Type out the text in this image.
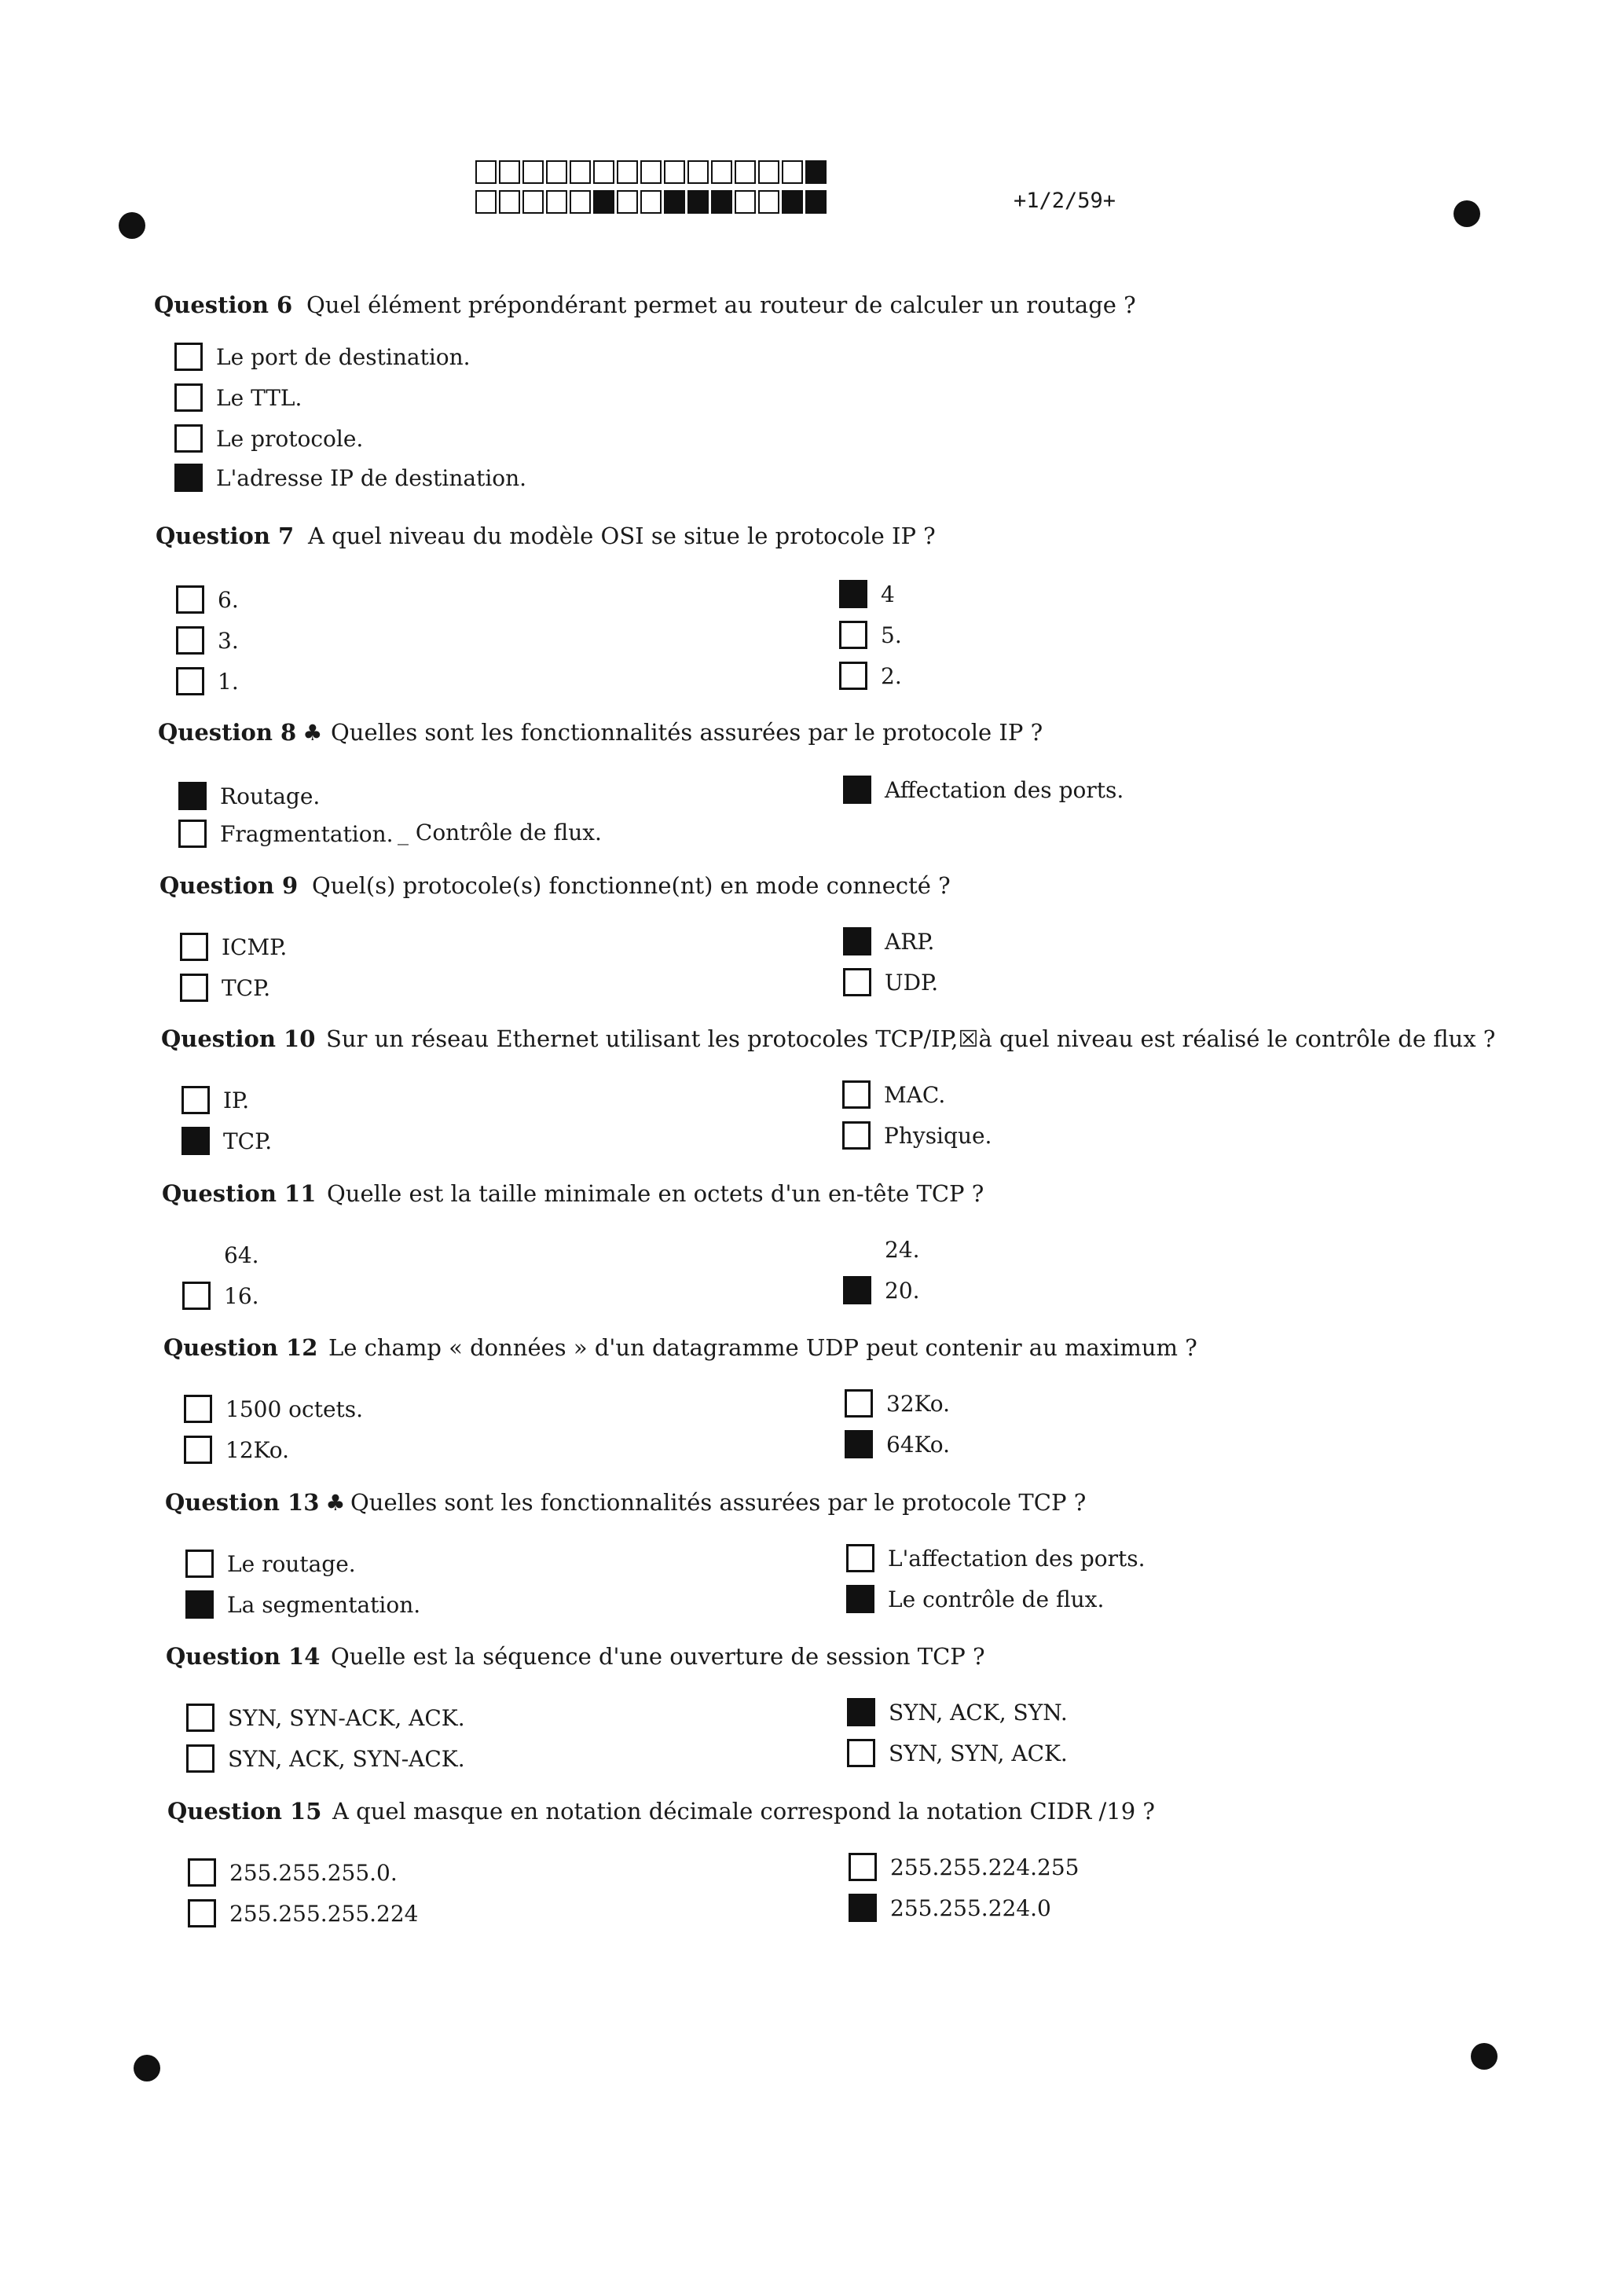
+1/2/59+
Question 6 Quel élément prépondérant permet au routeur de calculer un routage ?
Le port de destination.
Le TTL.
Le protocole.
L'adresse IP de destination.
Question 7 A quel niveau du modèle OSI se situe le protocole IP ?
6.	4
3.	5.
1.	2.
Question 8 ♣ Quelles sont les fonctionnalités assurées par le protocole IP ?
Routage.	Affectation des ports.
Fragmentation. _ Contrôle de flux.
Question 9 Quel(s) protocole(s) fonctionne(nt) en mode connecté ?
ICMP.	ARP.
TCP.	UDP.
Question 10 Sur un réseau Ethernet utilisant les protocoles TCP/IP,☒à quel niveau est réalisé le contrôle de flux ?
IP.	MAC.
TCP.	Physique.
Question 11 Quelle est la taille minimale en octets d'un en-tête TCP ?
64.	24.
16.	20.
Question 12 Le champ « données » d'un datagramme UDP peut contenir au maximum ?
1500 octets.	32Ko.
12Ko.	64Ko.
Question 13 ♣ Quelles sont les fonctionnalités assurées par le protocole TCP ?
Le routage.	L'affectation des ports.
La segmentation.	Le contrôle de flux.
Question 14 Quelle est la séquence d'une ouverture de session TCP ?
SYN, SYN-ACK, ACK.	SYN, ACK, SYN.
SYN, ACK, SYN-ACK.	SYN, SYN, ACK.
Question 15 A quel masque en notation décimale correspond la notation CIDR /19 ?
255.255.255.0.	255.255.224.255
255.255.255.224	255.255.224.0
